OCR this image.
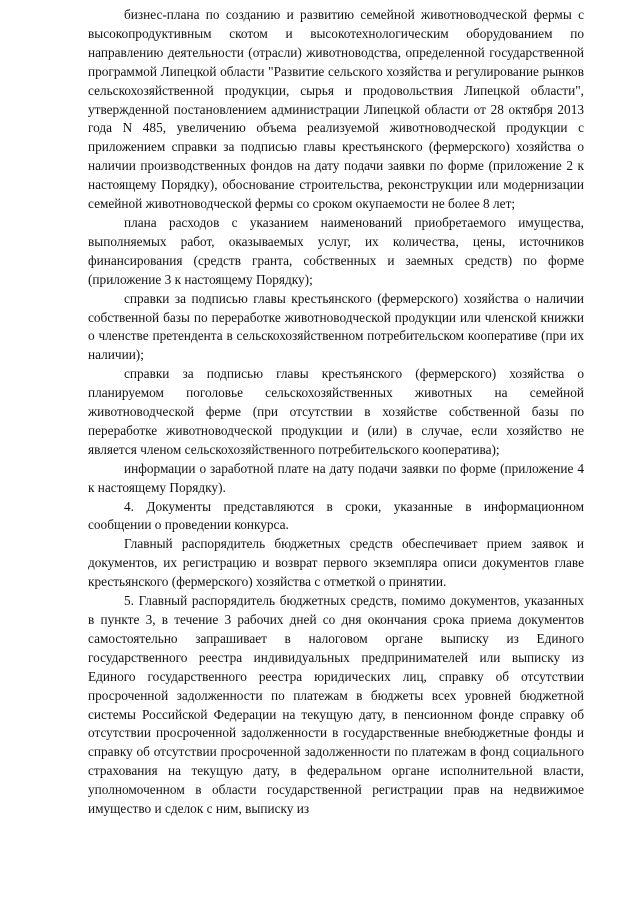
бизнес-плана по созданию и развитию семейной животноводческой фермы с высокопродуктивным скотом и высокотехнологическим оборудованием по направлению деятельности (отрасли) животноводства, определенной государственной программой Липецкой области "Развитие сельского хозяйства и регулирование рынков сельскохозяйственной продукции, сырья и продовольствия Липецкой области", утвержденной постановлением администрации Липецкой области от 28 октября 2013 года N 485, увеличению объема реализуемой животноводческой продукции с приложением справки за подписью главы крестьянского (фермерского) хозяйства о наличии производственных фондов на дату подачи заявки по форме (приложение 2 к настоящему Порядку), обоснование строительства, реконструкции или модернизации семейной животноводческой фермы со сроком окупаемости не более 8 лет;

плана расходов с указанием наименований приобретаемого имущества, выполняемых работ, оказываемых услуг, их количества, цены, источников финансирования (средств гранта, собственных и заемных средств) по форме (приложение 3 к настоящему Порядку);

справки за подписью главы крестьянского (фермерского) хозяйства о наличии собственной базы по переработке животноводческой продукции или членской книжки о членстве претендента в сельскохозяйственном потребительском кооперативе (при их наличии);

справки за подписью главы крестьянского (фермерского) хозяйства о планируемом поголовье сельскохозяйственных животных на семейной животноводческой ферме (при отсутствии в хозяйстве собственной базы по переработке животноводческой продукции и (или) в случае, если хозяйство не является членом сельскохозяйственного потребительского кооператива);

информации о заработной плате на дату подачи заявки по форме (приложение 4 к настоящему Порядку).

4. Документы представляются в сроки, указанные в информационном сообщении о проведении конкурса.

Главный распорядитель бюджетных средств обеспечивает прием заявок и документов, их регистрацию и возврат первого экземпляра описи документов главе крестьянского (фермерского) хозяйства с отметкой о принятии.

5. Главный распорядитель бюджетных средств, помимо документов, указанных в пункте 3, в течение 3 рабочих дней со дня окончания срока приема документов самостоятельно запрашивает в налоговом органе выписку из Единого государственного реестра индивидуальных предпринимателей или выписку из Единого государственного реестра юридических лиц, справку об отсутствии просроченной задолженности по платежам в бюджеты всех уровней бюджетной системы Российской Федерации на текущую дату, в пенсионном фонде справку об отсутствии просроченной задолженности в государственные внебюджетные фонды и справку об отсутствии просроченной задолженности по платежам в фонд социального страхования на текущую дату, в федеральном органе исполнительной власти, уполномоченном в области государственной регистрации прав на недвижимое имущество и сделок с ним, выписку из
